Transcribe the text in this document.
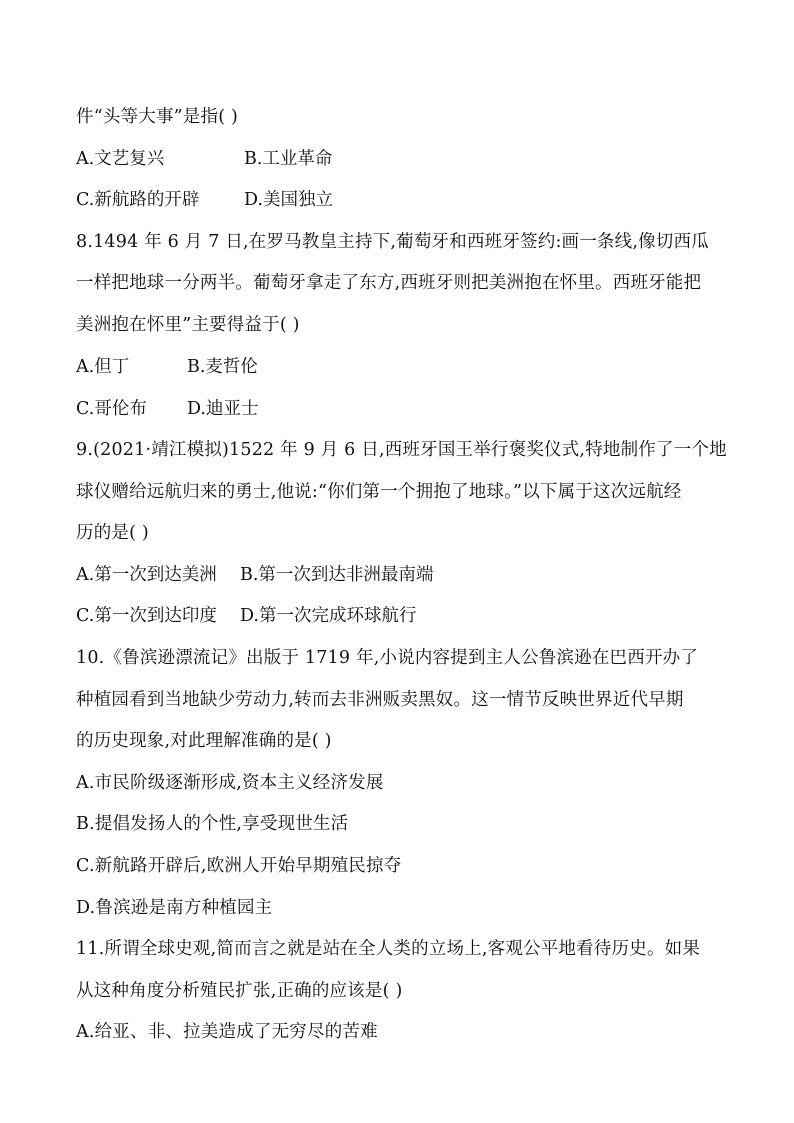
件“头等大事”是指( )
A.文艺复兴	B.工业革命
C.新航路的开辟	D.美国独立
8.1494 年 6 月 7 日,在罗马教皇主持下,葡萄牙和西班牙签约:画一条线,像切西瓜
一样把地球一分两半。葡萄牙拿走了东方,西班牙则把美洲抱在怀里。西班牙能把
美洲抱在怀里”主要得益于( )
A.但丁	B.麦哲伦
C.哥伦布 D.迪亚士
9.(2021·靖江模拟)1522 年 9 月 6 日,西班牙国王举行褒奖仪式,特地制作了一个地
球仪赠给远航归来的勇士,他说:“你们第一个拥抱了地球。”以下属于这次远航经
历的是( )
A.第一次到达美洲 B.第一次到达非洲最南端
C.第一次到达印度 D.第一次完成环球航行
10.《鲁滨逊漂流记》出版于 1719 年,小说内容提到主人公鲁滨逊在巴西开办了
种植园看到当地缺少劳动力,转而去非洲贩卖黑奴。这一情节反映世界近代早期
的历史现象,对此理解准确的是( )
A.市民阶级逐渐形成,资本主义经济发展
B.提倡发扬人的个性,享受现世生活
C.新航路开辟后,欧洲人开始早期殖民掠夺
D.鲁滨逊是南方种植园主
11.所谓全球史观,简而言之就是站在全人类的立场上,客观公平地看待历史。如果
从这种角度分析殖民扩张,正确的应该是( )
A.给亚、非、拉美造成了无穷尽的苦难
